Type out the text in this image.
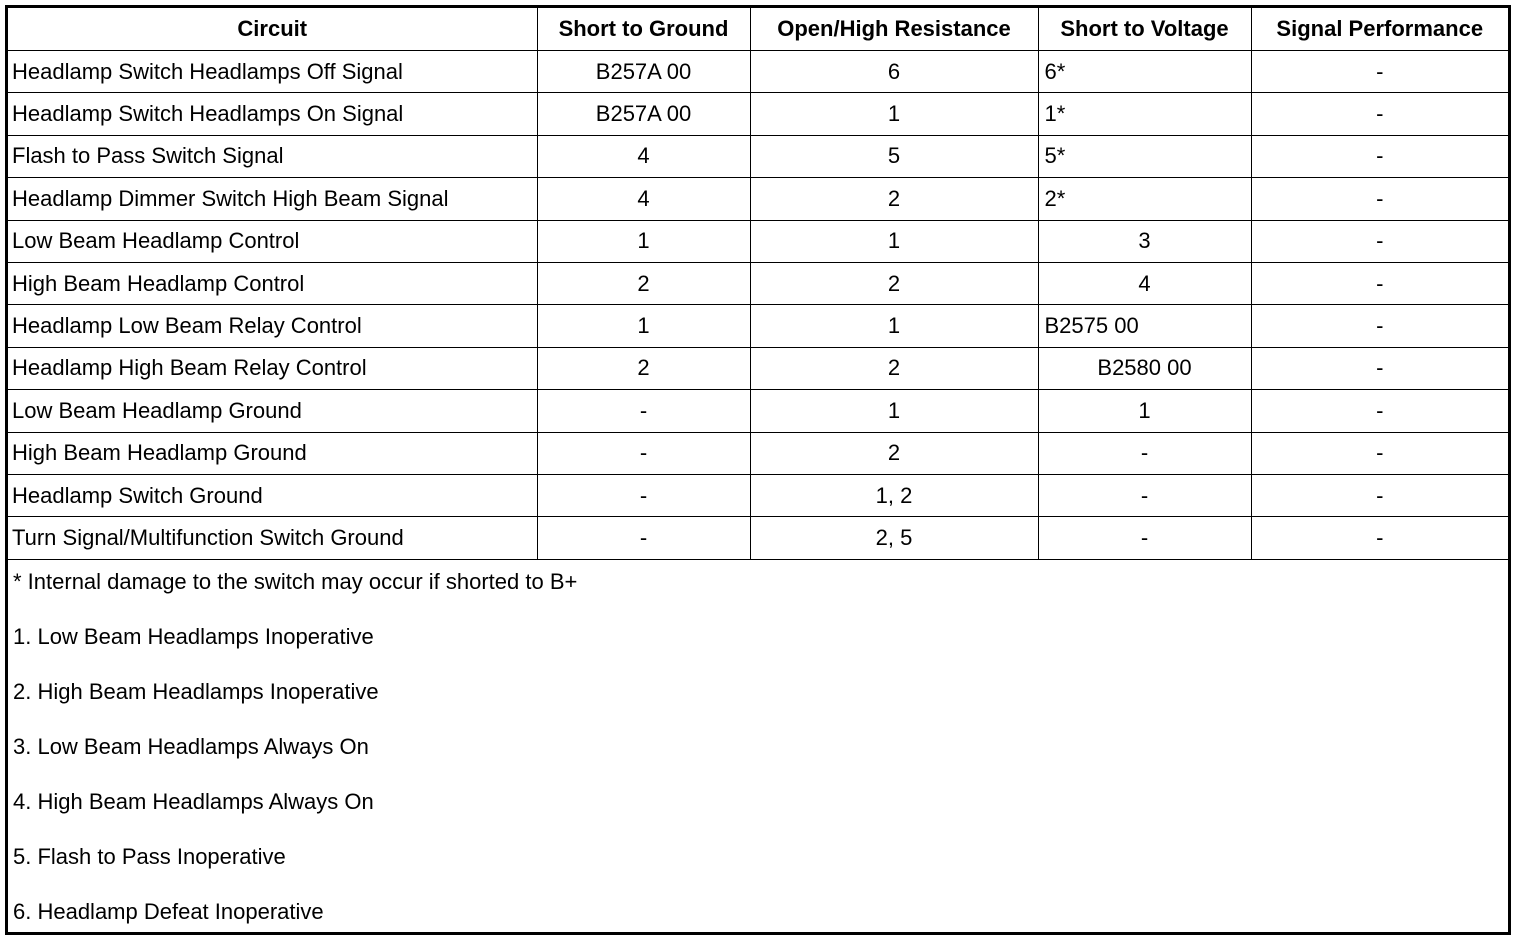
Circuit	Short to Ground	Open/High Resistance	Short to Voltage	Signal Performance
Headlamp Switch Headlamps Off Signal	B257A 00	6	6*	-
Headlamp Switch Headlamps On Signal	B257A 00	1	1*	-
Flash to Pass Switch Signal	4	5	5*	-
Headlamp Dimmer Switch High Beam Signal	4	2	2*	-
Low Beam Headlamp Control	1	1	3	-
High Beam Headlamp Control	2	2	4	-
Headlamp Low Beam Relay Control	1	1	B2575 00	-
Headlamp High Beam Relay Control	2	2	B2580 00	-
Low Beam Headlamp Ground	-	1	1	-
High Beam Headlamp Ground	-	2	-	-
Headlamp Switch Ground	-	1, 2	-	-
Turn Signal/Multifunction Switch Ground	-	2, 5	-	-
* Internal damage to the switch may occur if shorted to B+
1. Low Beam Headlamps Inoperative
2. High Beam Headlamps Inoperative
3. Low Beam Headlamps Always On
4. High Beam Headlamps Always On
5. Flash to Pass Inoperative
6. Headlamp Defeat Inoperative
